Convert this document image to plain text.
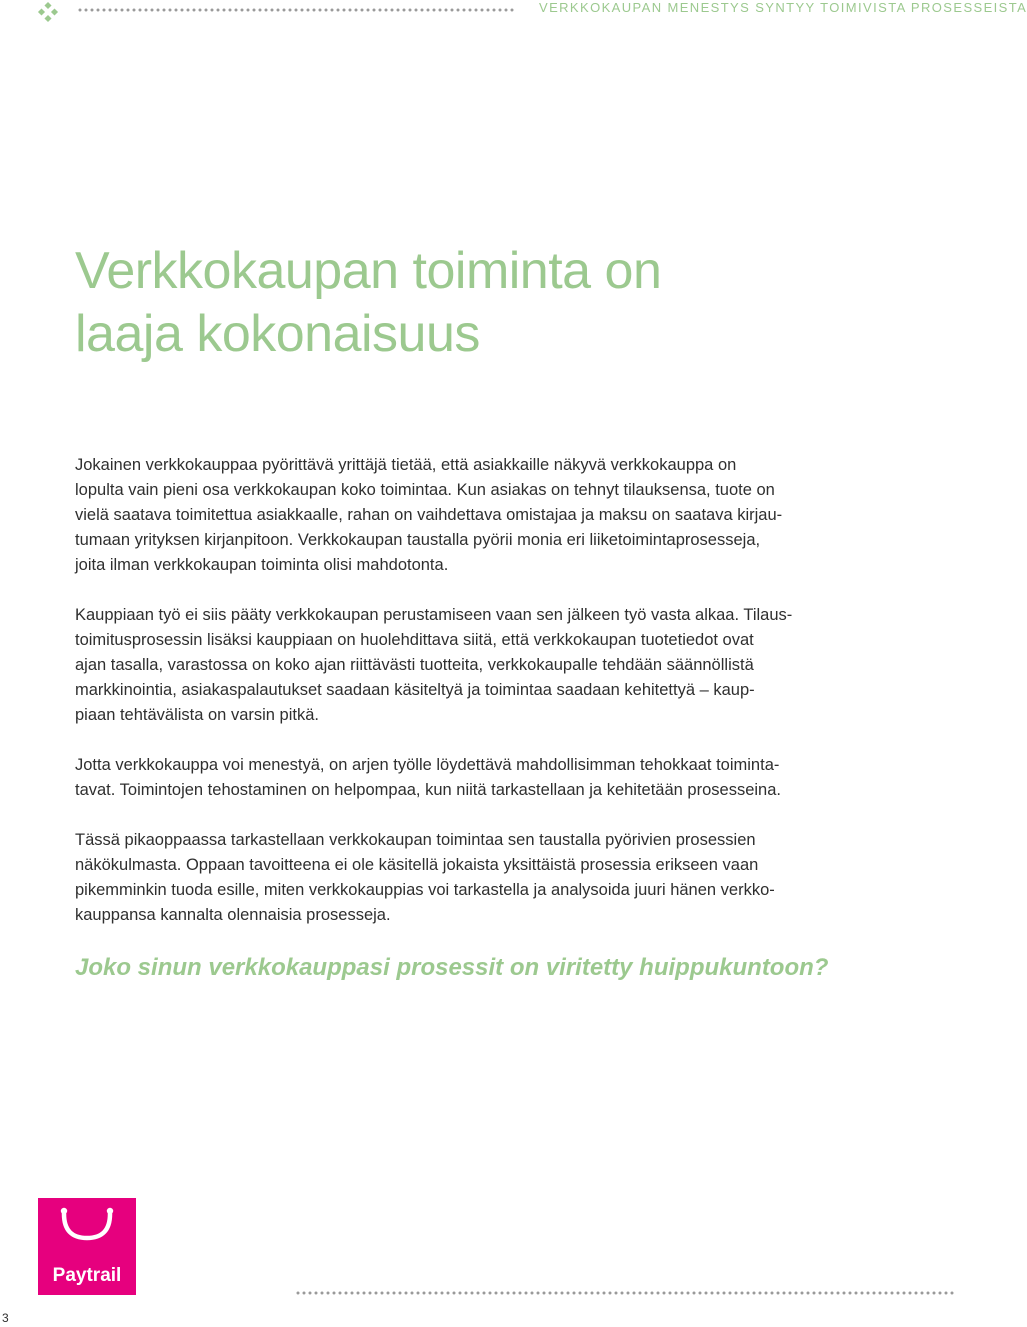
VERKKOKAUPAN MENESTYS SYNTYY TOIMIVISTA PROSESSEISTA
Verkkokaupan toiminta on
laaja kokonaisuus

Jokainen verkkokauppaa pyörittävä yrittäjä tietää, että asiakkaille näkyvä verkkokauppa on
lopulta vain pieni osa verkkokaupan koko toimintaa. Kun asiakas on tehnyt tilauksensa, tuote on
vielä saatava toimitettua asiakkaalle, rahan on vaihdettava omistajaa ja maksu on saatava kirjau-
tumaan yrityksen kirjanpitoon. Verkkokaupan taustalla pyörii monia eri liiketoimintaprosesseja,
joita ilman verkkokaupan toiminta olisi mahdotonta.

Kauppiaan työ ei siis pääty verkkokaupan perustamiseen vaan sen jälkeen työ vasta alkaa. Tilaus-
toimitusprosessin lisäksi kauppiaan on huolehdittava siitä, että verkkokaupan tuotetiedot ovat
ajan tasalla, varastossa on koko ajan riittävästi tuotteita, verkkokaupalle tehdään säännöllistä
markkinointia, asiakaspalautukset saadaan käsiteltyä ja toimintaa saadaan kehitettyä – kaup-
piaan tehtävälistа on varsin pitkä.

Jotta verkkokauppa voi menestyä, on arjen työlle löydettävä mahdollisimman tehokkaat toiminta-
tavat. Toimintojen tehostaminen on helpompaa, kun niitä tarkastellaan ja kehitetään prosesseina.

Tässä pikaoppaassa tarkastellaan verkkokaupan toimintaa sen taustalla pyörivien prosessien
näkökulmasta. Oppaan tavoitteena ei ole käsitellä jokaista yksittäistä prosessia erikseen vaan
pikemminkin tuoda esille, miten verkkokauppias voi tarkastella ja analysoida juuri hänen verkko-
kauppansa kannalta olennaisia prosesseja.

Joko sinun verkkokauppasi prosessit on viritetty huippukuntoon?

Paytrail
3
